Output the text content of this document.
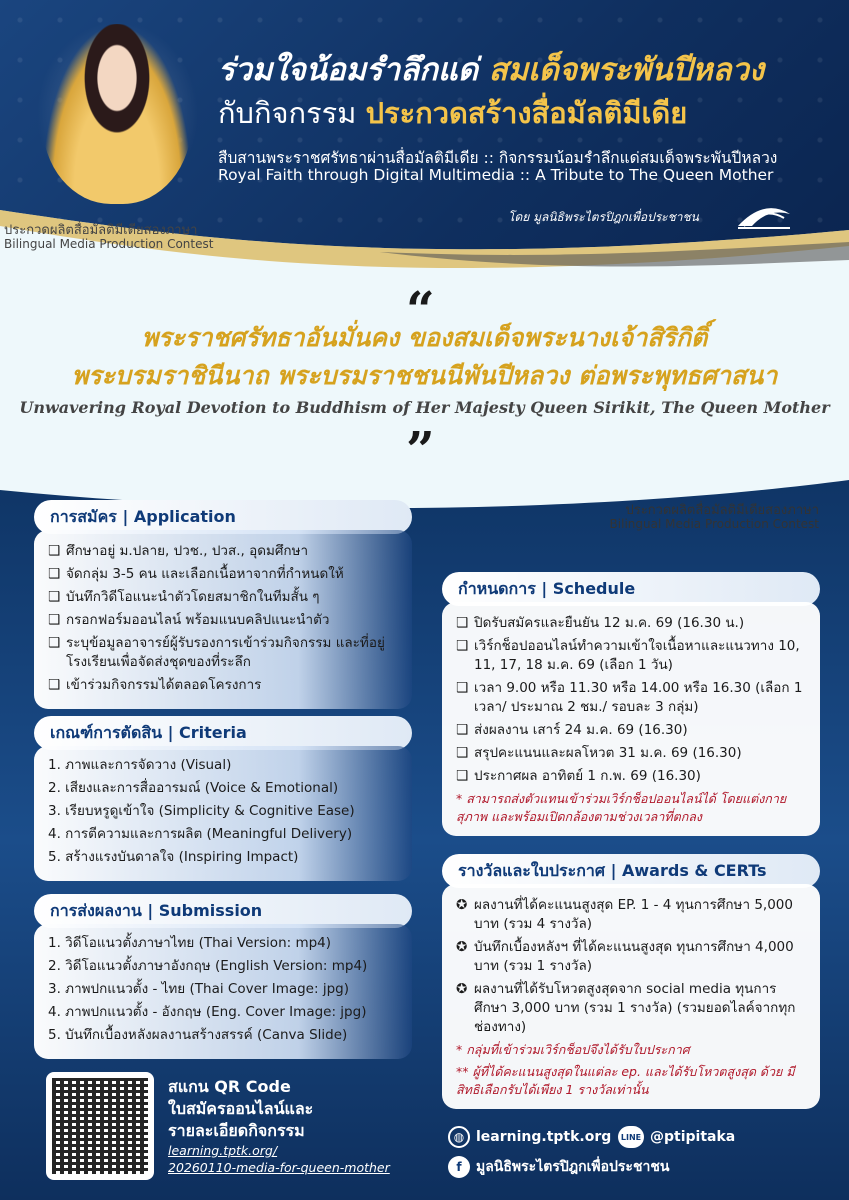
ร่วมใจน้อมรำลึกแด่ สมเด็จพระพันปีหลวง
กับกิจกรรม ประกวดสร้างสื่อมัลติมีเดีย
สืบสานพระราชศรัทธาผ่านสื่อมัลติมีเดีย :: กิจกรรมน้อมรำลึกแด่สมเด็จพระพันปีหลวง
Royal Faith through Digital Multimedia :: A Tribute to The Queen Mother
ประกวดผลิตสื่อมัลติมีเดียสองภาษา
Bilingual Media Production Contest
โดย มูลนิธิพระไตรปิฎกเพื่อประชาชน
“
พระราชศรัทธาอันมั่นคง ของสมเด็จพระนางเจ้าสิริกิติ์
พระบรมราชินีนาถ พระบรมราชชนนีพันปีหลวง ต่อพระพุทธศาสนา
Unwavering Royal Devotion to Buddhism of Her Majesty Queen Sirikit, The Queen Mother
”
ประกวดผลิตสื่อมัลติมีเดียสองภาษา
Bilingual Media Production Contest
การสมัคร | Application
❑ ศึกษาอยู่ ม.ปลาย, ปวช., ปวส., อุดมศึกษา
❑ จัดกลุ่ม 3-5 คน และเลือกเนื้อหาจากที่กำหนดให้
❑ บันทึกวิดีโอแนะนำตัวโดยสมาชิกในทีมสั้น ๆ
❑ กรอกฟอร์มออนไลน์ พร้อมแนบคลิปแนะนำตัว
❑ ระบุข้อมูลอาจารย์ผู้รับรองการเข้าร่วมกิจกรรม และที่อยู่โรงเรียนเพื่อจัดส่งชุดของที่ระลึก
❑ เข้าร่วมกิจกรรมได้ตลอดโครงการ
เกณฑ์การตัดสิน | Criteria
1. ภาพและการจัดวาง (Visual)
2. เสียงและการสื่ออารมณ์ (Voice & Emotional)
3. เรียบหรูดูเข้าใจ (Simplicity & Cognitive Ease)
4. การตีความและการผลิต (Meaningful Delivery)
5. สร้างแรงบันดาลใจ (Inspiring Impact)
การส่งผลงาน | Submission
1. วิดีโอแนวตั้งภาษาไทย (Thai Version: mp4)
2. วิดีโอแนวตั้งภาษาอังกฤษ (English Version: mp4)
3. ภาพปกแนวตั้ง - ไทย (Thai Cover Image: jpg)
4. ภาพปกแนวตั้ง - อังกฤษ (Eng. Cover Image: jpg)
5. บันทึกเบื้องหลังผลงานสร้างสรรค์ (Canva Slide)
กำหนดการ | Schedule
❑ ปิดรับสมัครและยืนยัน 12 ม.ค. 69 (16.30 น.)
❑ เวิร์กช็อปออนไลน์ทำความเข้าใจเนื้อหาและแนวทาง 10, 11, 17, 18 ม.ค. 69 (เลือก 1 วัน)
❑ เวลา 9.00 หรือ 11.30 หรือ 14.00 หรือ 16.30 (เลือก 1 เวลา/ ประมาณ 2 ชม./ รอบละ 3 กลุ่ม)
❑ ส่งผลงาน เสาร์ 24 ม.ค. 69 (16.30)
❑ สรุปคะแนนและผลโหวต 31 ม.ค. 69 (16.30)
❑ ประกาศผล อาทิตย์ 1 ก.พ. 69 (16.30)
* สามารถส่งตัวแทนเข้าร่วมเวิร์กช็อปออนไลน์ได้ โดยแต่งกายสุภาพ และพร้อมเปิดกล้องตามช่วงเวลาที่ตกลง
รางวัลและใบประกาศ | Awards & CERTs
✪ ผลงานที่ได้คะแนนสูงสุด EP. 1 - 4 ทุนการศึกษา 5,000 บาท (รวม 4 รางวัล)
✪ บันทึกเบื้องหลังฯ ที่ได้คะแนนสูงสุด ทุนการศึกษา 4,000 บาท (รวม 1 รางวัล)
✪ ผลงานที่ได้รับโหวตสูงสุดจาก social media ทุนการศึกษา 3,000 บาท (รวม 1 รางวัล) (รวมยอดไลค์จากทุกช่องทาง)
* กลุ่มที่เข้าร่วมเวิร์กช็อปจึงได้รับใบประกาศ
** ผู้ที่ได้คะแนนสูงสุดในแต่ละ ep. และได้รับโหวตสูงสุด ด้วย มีสิทธิเลือกรับได้เพียง 1 รางวัลเท่านั้น
สแกน QR Code
ใบสมัครออนไลน์และ
รายละเอียดกิจกรรม
learning.tptk.org/
20260110-media-for-queen-mother
◍ learning.tptk.org	LINE @ptipitaka
f	มูลนิธิพระไตรปิฎกเพื่อประชาชน
